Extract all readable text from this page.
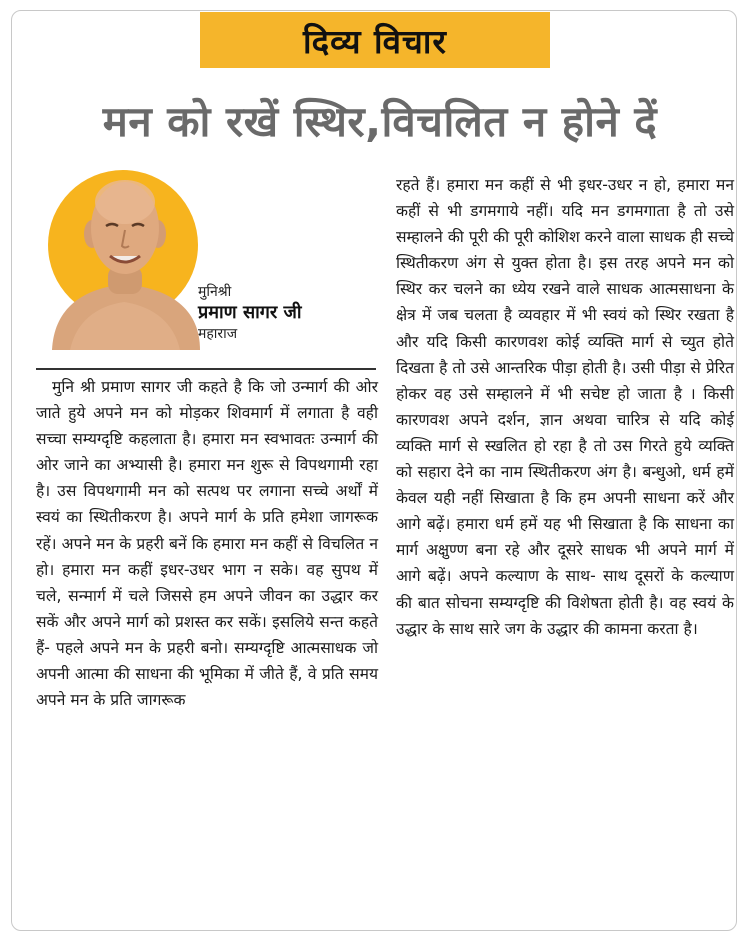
दिव्य विचार
मन को रखें स्थिर,विचलित न होने दें
मुनिश्री
प्रमाण सागर जी
महाराज

मुनि श्री प्रमाण सागर जी कहते है कि जो उन्मार्ग की ओर जाते हुये अपने मन को मोड़कर शिवमार्ग में लगाता है वही सच्चा सम्यग्दृष्टि कहलाता है। हमारा मन स्वभावतः उन्मार्ग की ओर जाने का अभ्यासी है। हमारा मन शुरू से विपथगामी रहा है। उस विपथगामी मन को सत्पथ पर लगाना सच्चे अर्थों में स्वयं का स्थितीकरण है। अपने मार्ग के प्रति हमेशा जागरूक रहें। अपने मन के प्रहरी बनें कि हमारा मन कहीं से विचलित न हो। हमारा मन कहीं इधर-उधर भाग न सके। वह सुपथ में चले, सन्मार्ग में चले जिससे हम अपने जीवन का उद्धार कर सकें और अपने मार्ग को प्रशस्त कर सकें। इसलिये सन्त कहते हैं- पहले अपने मन के प्रहरी बनो। सम्यग्दृष्टि आत्मसाधक जो अपनी आत्मा की साधना की भूमिका में जीते हैं, वे प्रति समय अपने मन के प्रति जागरूक

रहते हैं। हमारा मन कहीं से भी इधर-उधर न हो, हमारा मन कहीं से भी डगमगाये नहीं। यदि मन डगमगाता है तो उसे सम्हालने की पूरी की पूरी कोशिश करने वाला साधक ही सच्चे स्थितीकरण अंग से युक्त होता है। इस तरह अपने मन को स्थिर कर चलने का ध्येय रखने वाले साधक आत्मसाधना के क्षेत्र में जब चलता है व्यवहार में भी स्वयं को स्थिर रखता है और यदि किसी कारणवश कोई व्यक्ति मार्ग से च्युत होते दिखता है तो उसे आन्तरिक पीड़ा होती है। उसी पीड़ा से प्रेरित होकर वह उसे सम्हालने में भी सचेष्ट हो जाता है । किसी कारणवश अपने दर्शन, ज्ञान अथवा चारित्र से यदि कोई व्यक्ति मार्ग से स्खलित हो रहा है तो उस गिरते हुये व्यक्ति को सहारा देने का नाम स्थितीकरण अंग है। बन्धुओ, धर्म हमें केवल यही नहीं सिखाता है कि हम अपनी साधना करें और आगे बढ़ें। हमारा धर्म हमें यह भी सिखाता है कि साधना का मार्ग अक्षुण्ण बना रहे और दूसरे साधक भी अपने मार्ग में आगे बढ़ें। अपने कल्याण के साथ- साथ दूसरों के कल्याण की बात सोचना सम्यग्दृष्टि की विशेषता होती है। वह स्वयं के उद्धार के साथ सारे जग के उद्धार की कामना करता है।
